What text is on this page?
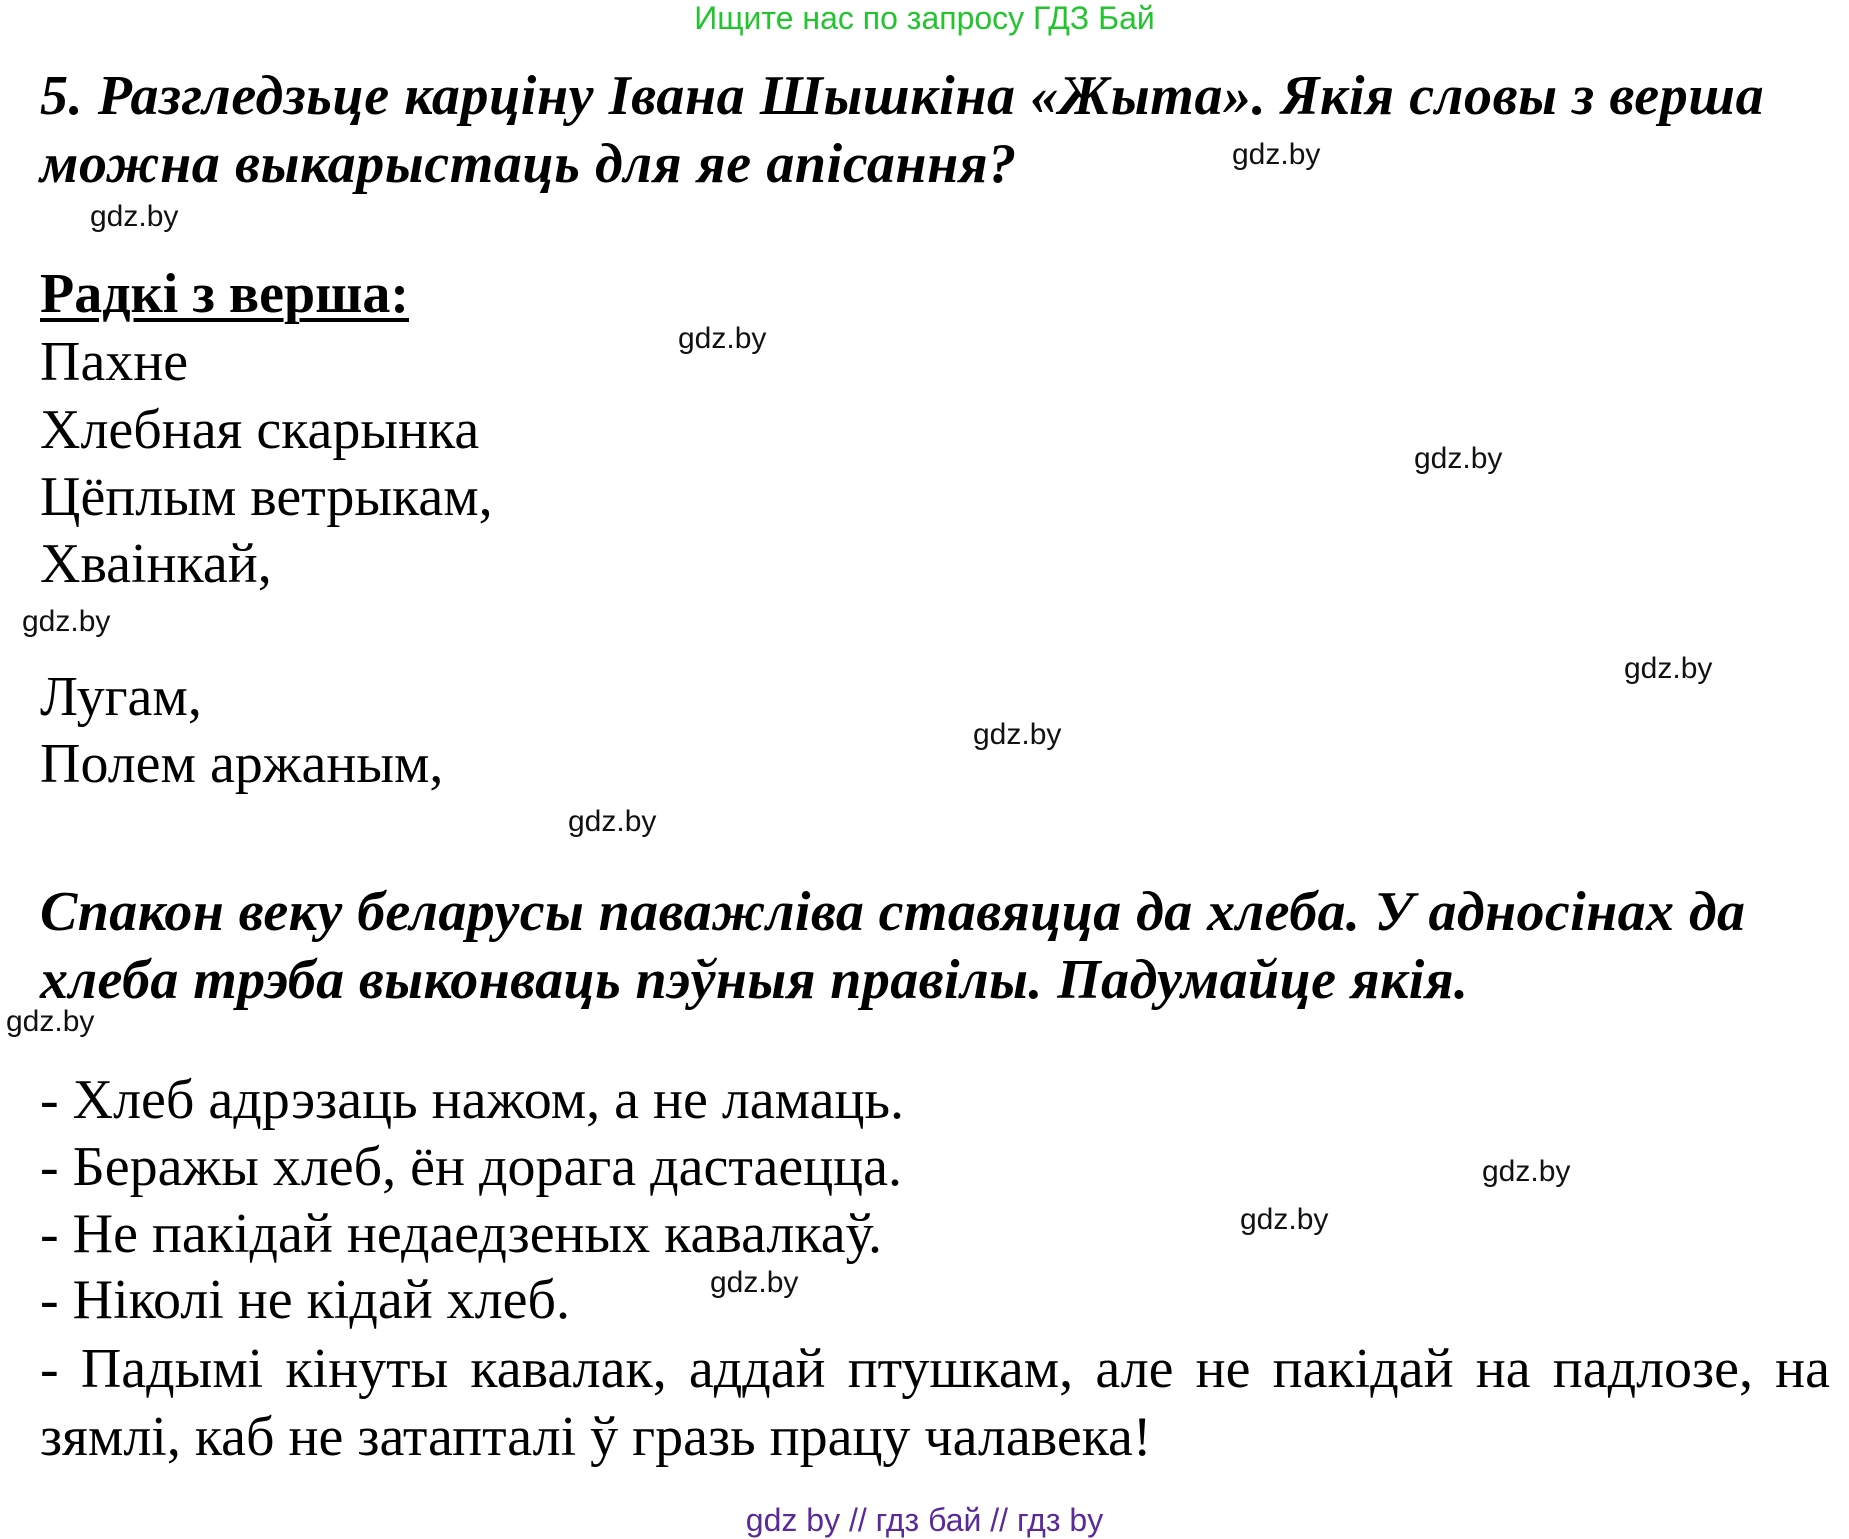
Ищите нас по запросу ГДЗ Бай
5. Разгледзьце карціну Івана Шышкіна «Жыта». Якія словы з верша
можна выкарыстаць для яе апісання?	gdz.by
gdz.by
Радкі з верша:
gdz.by
Пахне
Хлебная скарынка
Цёплым ветрыкам,
Хваінкай,
gdz.by
gdz.by
gdz.by
Лугам,
Полем аржаным,	gdz.by
gdz.by
Спакон веку беларусы паважліва ставяцца да хлеба. У адносінах да
хлеба трэба выконваць пэўныя правілы. Падумайце якія.
gdz.by
- Хлеб адрэзаць нажом, а не ламаць.
- Беражы хлеб, ён дорага дастаецца.
- Не пакідай недаедзеных кавалкаў.
- Ніколі не кідай хлеб.
- Падымі кінуты кавалак, аддай птушкам, але не пакідай на падлозе, на зямлі, каб не затапталі ў гразь працу чалавека!
gdz.by
gdz.by
gdz.by
gdz by // гдз бай // гдз by
